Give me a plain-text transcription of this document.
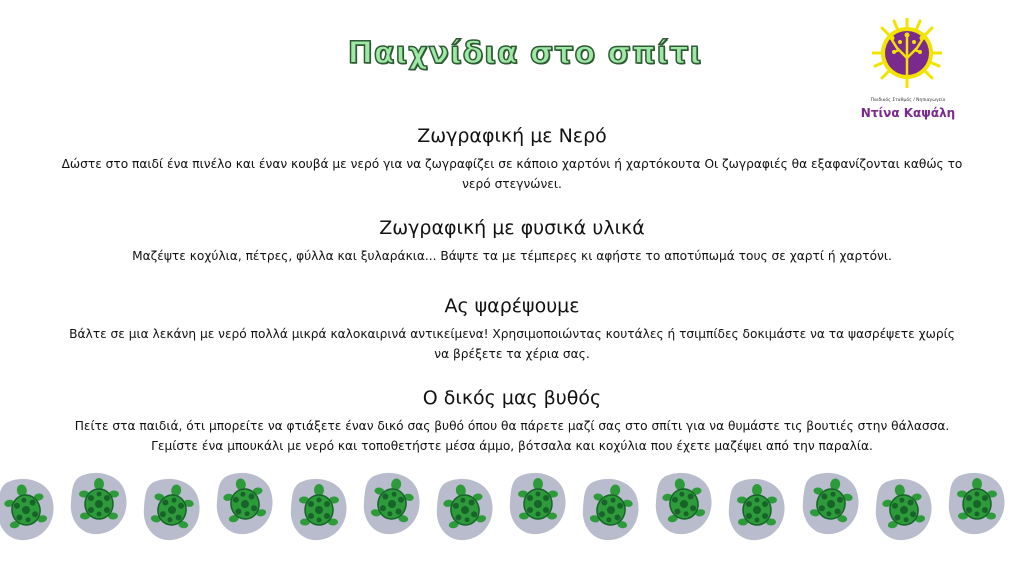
Παιχνίδια στο σπίτι
Παιδικός Σταθμός / Νηπιαγωγείο
Ντίνα Καψάλη
Ζωγραφική με Νερό

Δώστε στο παιδί ένα πινέλο και έναν κουβά με νερό για να ζωγραφίζει σε κάποιο χαρτόνι ή χαρτόκουτα Οι ζωγραφιές θα εξαφανίζονται καθώς το νερό στεγνώνει.

Ζωγραφική με φυσικά υλικά

Μαζέψτε κοχύλια, πέτρες, φύλλα και ξυλαράκια... Βάψτε τα με τέμπερες κι αφήστε το αποτύπωμά τους σε χαρτί ή χαρτόνι.

Ας ψαρέψουμε

Βάλτε σε μια λεκάνη με νερό πολλά μικρά καλοκαιρινά αντικείμενα! Χρησιμοποιώντας κουτάλες ή τσιμπίδες δοκιμάστε να τα ψασρέψετε χωρίς να βρέξετε τα χέρια σας.

Ο δικός μας βυθός

Πείτε στα παιδιά, ότι μπορείτε να φτιάξετε έναν δικό σας βυθό όπου θα πάρετε μαζί σας στο σπίτι για να θυμάστε τις βουτιές στην θάλασσα. Γεμίστε ένα μπουκάλι με νερό και τοποθετήστε μέσα άμμο, βότσαλα και κοχύλια που έχετε μαζέψει από την παραλία.
